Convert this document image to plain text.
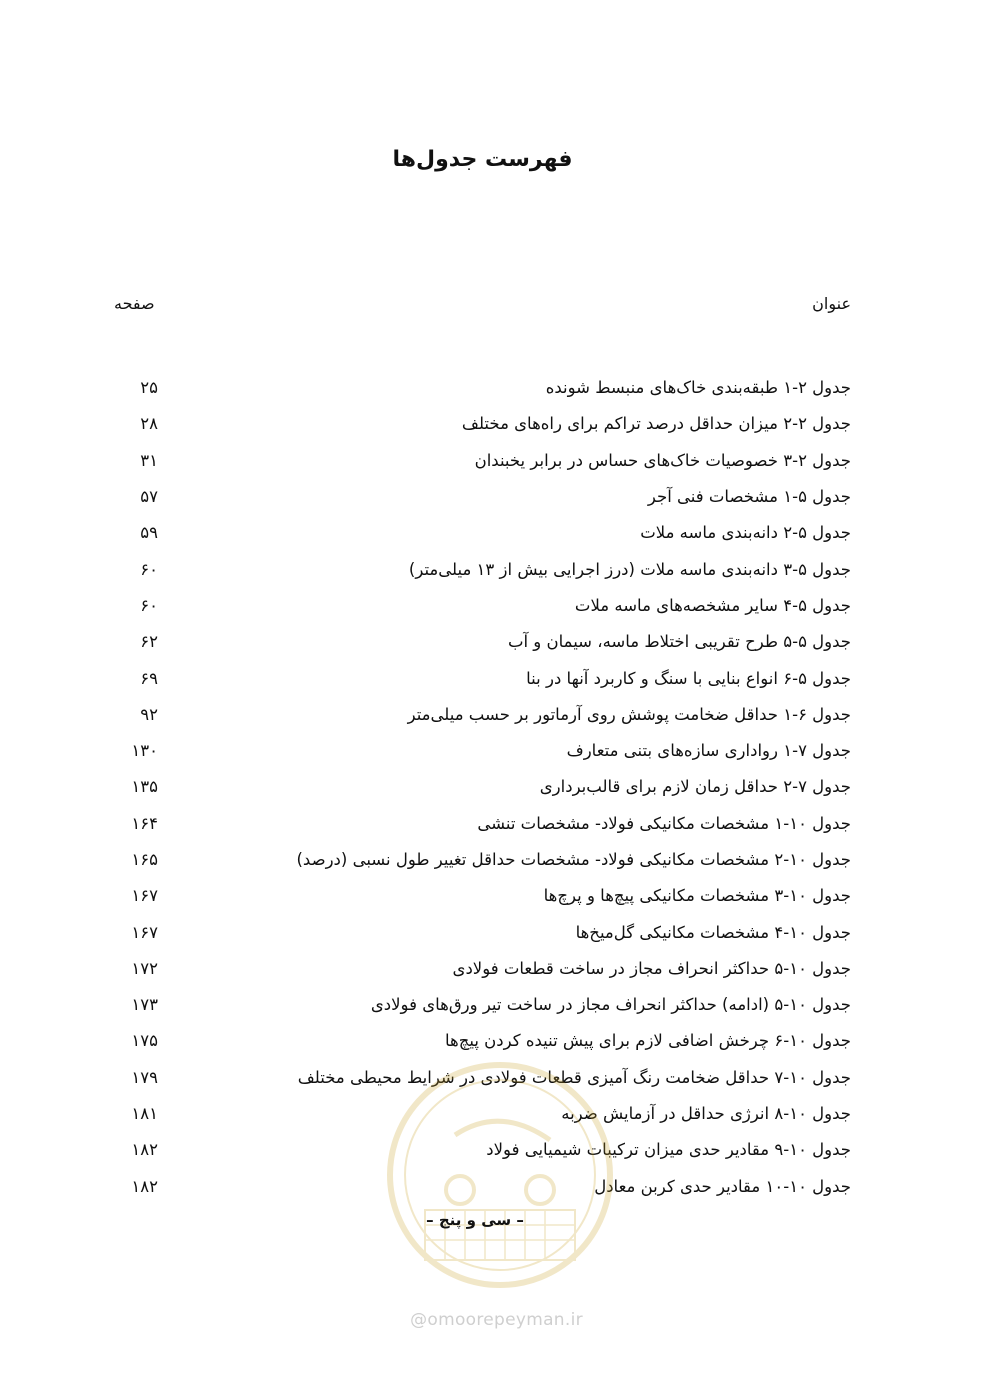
فهرست جدول‌ها
عنوان
صفحه
جدول ۲-۱ طبقه‌بندی خاک‌های منبسط شونده
۲۵
جدول ۲-۲ میزان حداقل درصد تراکم برای راه‌های مختلف
۲۸
جدول ۲-۳ خصوصیات خاک‌های حساس در برابر یخبندان
۳۱
جدول ۵-۱ مشخصات فنی آجر
۵۷
جدول ۵-۲ دانه‌بندی ماسه ملات
۵۹
جدول ۵-۳ دانه‌بندی ماسه ملات (درز اجرایی بیش از ۱۳ میلی‌متر)
۶۰
جدول ۵-۴ سایر مشخصه‌های ماسه ملات
۶۰
جدول ۵-۵ طرح تقریبی اختلاط ماسه، سیمان و آب
۶۲
جدول ۵-۶ انواع بنایی با سنگ و کاربرد آنها در بنا
۶۹
جدول ۶-۱ حداقل ضخامت پوشش روی آرماتور بر حسب میلی‌متر
۹۲
جدول ۷-۱ رواداری سازه‌های بتنی متعارف
۱۳۰
جدول ۷-۲ حداقل زمان لازم برای قالب‌برداری
۱۳۵
جدول ۱۰-۱ مشخصات مکانیکی فولاد- مشخصات تنشی
۱۶۴
جدول ۱۰-۲ مشخصات مکانیکی فولاد- مشخصات حداقل تغییر طول نسبی (درصد)
۱۶۵
جدول ۱۰-۳ مشخصات مکانیکی پیچ‌ها و پرچ‌ها
۱۶۷
جدول ۱۰-۴ مشخصات مکانیکی گل‌میخ‌ها
۱۶۷
جدول ۱۰-۵ حداکثر انحراف مجاز در ساخت قطعات فولادی
۱۷۲
جدول ۱۰-۵ (ادامه) حداکثر انحراف مجاز در ساخت تیر ورق‌های فولادی
۱۷۳
جدول ۱۰-۶ چرخش اضافی لازم برای پیش تنیده کردن پیچ‌ها
۱۷۵
جدول ۱۰-۷ حداقل ضخامت رنگ آمیزی قطعات فولادی در شرایط محیطی مختلف
۱۷۹
جدول ۱۰-۸ انرژی حداقل در آزمایش ضربه
۱۸۱
جدول ۱۰-۹ مقادیر حدی میزان ترکیبات شیمیایی فولاد
۱۸۲
جدول ۱۰-۱۰ مقادیر حدی کربن معادل
۱۸۲
@omoorepeyman.ir
– سی و پنج –
